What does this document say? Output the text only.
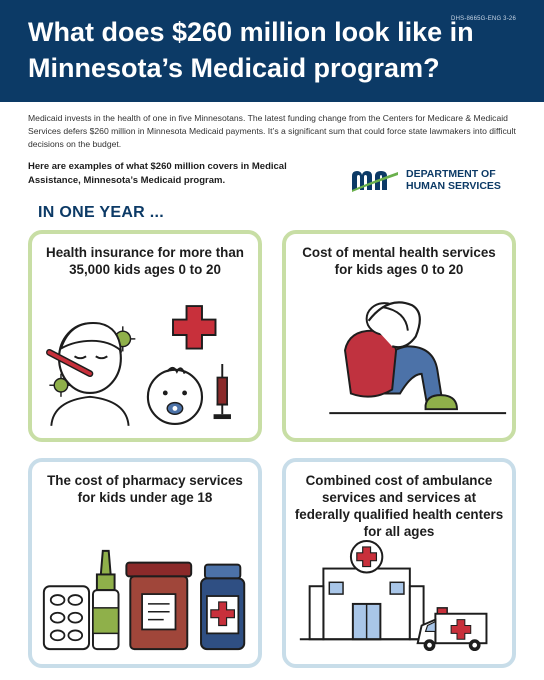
DHS-8665G-ENG 3-26
What does $260 million look like in Minnesota’s Medicaid program?

Medicaid invests in the health of one in five Minnesotans. The latest funding change from the Centers for Medicare & Medicaid Services defers $260 million in Minnesota Medicaid payments. It’s a significant sum that could force state lawmakers into difficult decisions on the budget.

Here are examples of what $260 million covers in Medical Assistance, Minnesota’s Medicaid program.

DEPARTMENT OF
HUMAN SERVICES
IN ONE YEAR ...
Health insurance for more than 35,000 kids ages 0 to 20
Cost of mental health services for kids ages 0 to 20
The cost of pharmacy services for kids under age 18
Combined cost of ambulance services and services at federally qualified health centers for all ages
